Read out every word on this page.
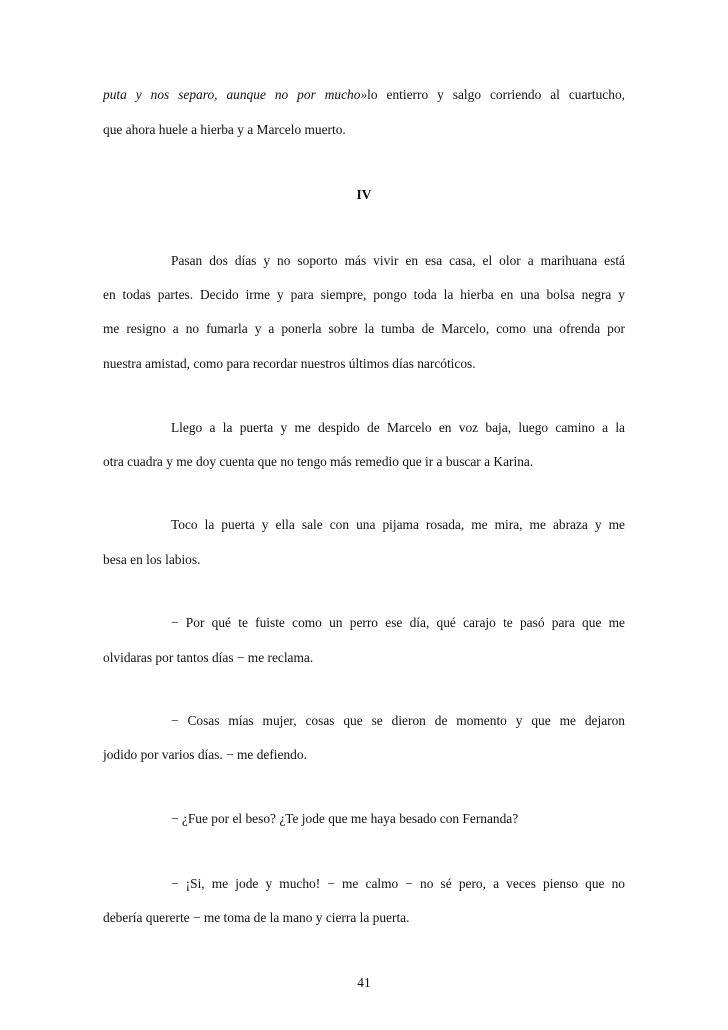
puta y nos separo, aunque no por mucho»lo entierro y salgo corriendo al cuartucho,
que ahora huele a hierba y a Marcelo muerto.
IV
Pasan dos días y no soporto más vivir en esa casa, el olor a marihuana está
en todas partes. Decido irme y para siempre, pongo toda la hierba en una bolsa negra y
me resigno a no fumarla y a ponerla sobre la tumba de Marcelo, como una ofrenda por
nuestra amistad, como para recordar nuestros últimos días narcóticos.
Llego a la puerta y me despido de Marcelo en voz baja, luego camino a la
otra cuadra y me doy cuenta que no tengo más remedio que ir a buscar a Karina.
Toco la puerta y ella sale con una pijama rosada, me mira, me abraza y me
besa en los labios.
− Por qué te fuiste como un perro ese día, qué carajo te pasó para que me
olvidaras por tantos días − me reclama.
− Cosas mías mujer, cosas que se dieron de momento y que me dejaron
jodido por varios días. − me defiendo.
− ¿Fue por el beso? ¿Te jode que me haya besado con Fernanda?
− ¡Si, me jode y mucho! − me calmo − no sé pero, a veces pienso que no
debería quererte − me toma de la mano y cierra la puerta.
41
